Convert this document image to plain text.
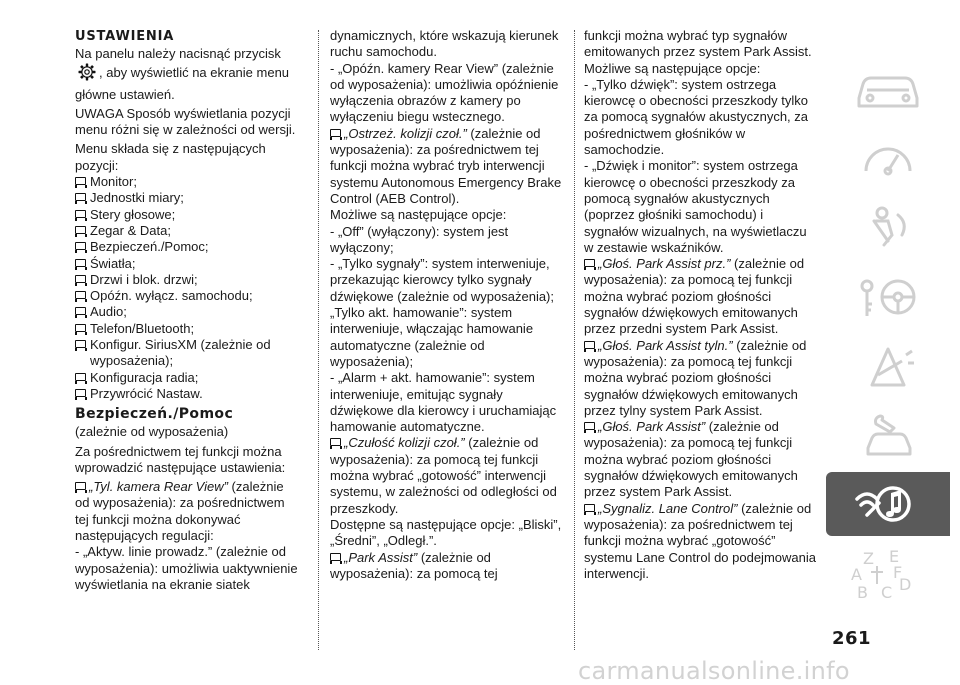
USTAWIENIA

Na panelu należy nacisnąć przycisk , aby wyświetlić na ekranie menu główne ustawień.

UWAGA Sposób wyświetlania pozycji menu różni się w zależności od wersji.

Menu składa się z następujących pozycji:

Monitor;
Jednostki miary;
Stery głosowe;
Zegar & Data;
Bezpieczeń./Pomoc;
Światła;
Drzwi i blok. drzwi;
Opóźn. wyłącz. samochodu;
Audio;
Telefon/Bluetooth;
Konfigur. SiriusXM (zależnie od wyposażenia);
Konfiguracja radia;
Przywrócić Nastaw.
Bezpieczeń./Pomoc

(zależnie od wyposażenia)

Za pośrednictwem tej funkcji można wprowadzić następujące ustawienia:

„Tyl. kamera Rear View” (zależnie od wyposażenia): za pośrednictwem tej funkcji można dokonywać następujących regulacji:

- „Aktyw. linie prowadz.” (zależnie od wyposażenia): umożliwia uaktywnienie wyświetlania na ekranie siatek

dynamicznych, które wskazują kierunek ruchu samochodu.

- „Opóźn. kamery Rear View” (zależnie od wyposażenia): umożliwia opóźnienie wyłączenia obrazów z kamery po wyłączeniu biegu wstecznego.

„Ostrzeż. kolizji czoł.” (zależnie od wyposażenia): za pośrednictwem tej funkcji można wybrać tryb interwencji systemu Autonomous Emergency Brake Control (AEB Control).

Możliwe są następujące opcje:

- „Off” (wyłączony): system jest wyłączony;

- „Tylko sygnały”: system interweniuje, przekazując kierowcy tylko sygnały dźwiękowe (zależnie od wyposażenia);

„Tylko akt. hamowanie”: system interweniuje, włączając hamowanie automatyczne (zależnie od wyposażenia);

- „Alarm + akt. hamowanie”: system interweniuje, emitując sygnały dźwiękowe dla kierowcy i uruchamiając hamowanie automatyczne.

„Czułość kolizji czoł.” (zależnie od wyposażenia): za pomocą tej funkcji można wybrać „gotowość” interwencji systemu, w zależności od odległości od przeszkody.

Dostępne są następujące opcje: „Bliski”, „Średni”, „Odległ.”.

„Park Assist” (zależnie od wyposażenia): za pomocą tej

funkcji można wybrać typ sygnałów emitowanych przez system Park Assist.

Możliwe są następujące opcje:

- „Tylko dźwięk”: system ostrzega kierowcę o obecności przeszkody tylko za pomocą sygnałów akustycznych, za pośrednictwem głośników w samochodzie.

- „Dźwięk i monitor”: system ostrzega kierowcę o obecności przeszkody za pomocą sygnałów akustycznych (poprzez głośniki samochodu) i sygnałów wizualnych, na wyświetlaczu w zestawie wskaźników.

„Głoś. Park Assist prz.” (zależnie od wyposażenia): za pomocą tej funkcji można wybrać poziom głośności sygnałów dźwiękowych emitowanych przez przedni system Park Assist.

„Głoś. Park Assist tyln.” (zależnie od wyposażenia): za pomocą tej funkcji można wybrać poziom głośności sygnałów dźwiękowych emitowanych przez tylny system Park Assist.

„Głoś. Park Assist” (zależnie od wyposażenia): za pomocą tej funkcji można wybrać poziom głośności sygnałów dźwiękowych emitowanych przez system Park Assist.

„Sygnaliz. Lane Control” (zależnie od wyposażenia): za pośrednictwem tej funkcji można wybrać „gotowość” systemu Lane Control do podejmowania interwencji.

Z
A
B C D
E
F
261
carmanualsonline.info
